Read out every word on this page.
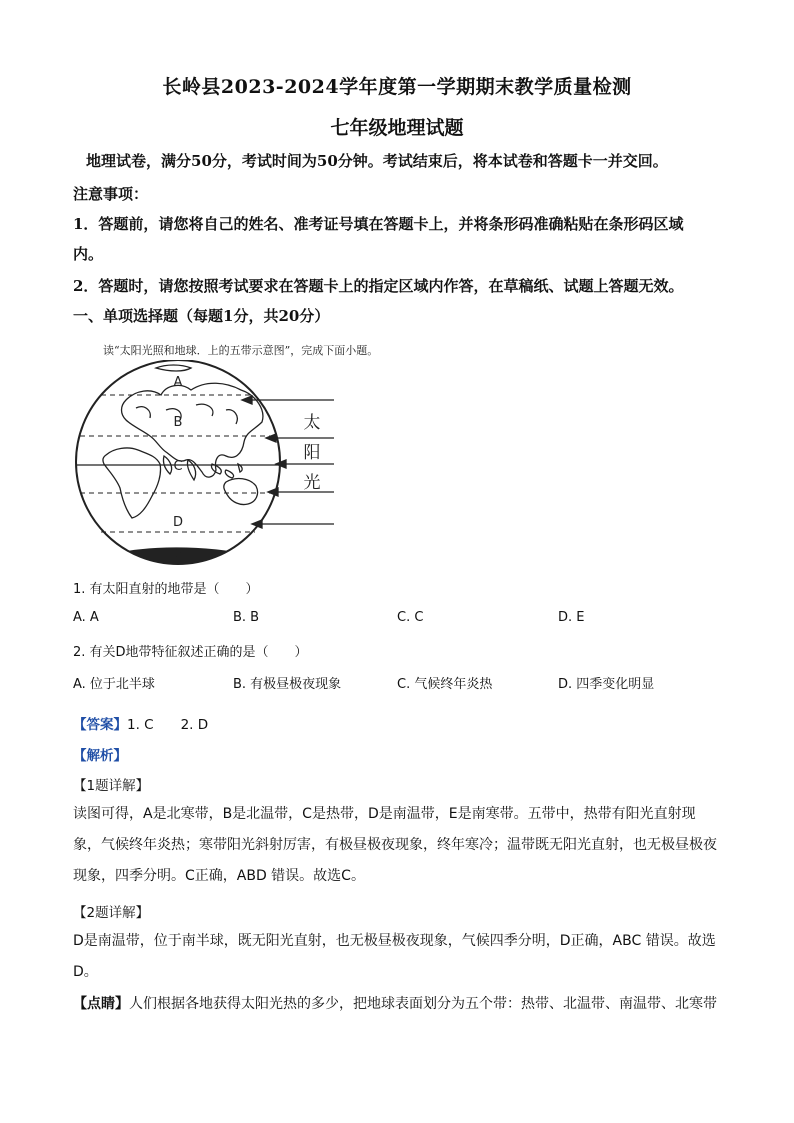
长岭县2023-2024学年度第一学期期末教学质量检测
七年级地理试题
地理试卷，满分50分，考试时间为50分钟。考试结束后，将本试卷和答题卡一并交回。
注意事项：
1．答题前，请您将自己的姓名、准考证号填在答题卡上，并将条形码准确粘贴在条形码区域
内。
2．答题时，请您按照考试要求在答题卡上的指定区域内作答，在草稿纸、试题上答题无效。
一、单项选择题（每题1分，共20分）
读“太阳光照和地球．上的五带示意图”，完成下面小题。
A
B
C
D
E
太
阳
光
1. 有太阳直射的地带是（　　）
A. A	B. B	C. C	D. E
2. 有关D地带特征叙述正确的是（　　）
A. 位于北半球	B. 有极昼极夜现象	C. 气候终年炎热	D. 四季变化明显
【答案】1. C　　2. D
【解析】
【1题详解】
读图可得，A是北寒带，B是北温带，C是热带，D是南温带，E是南寒带。五带中，热带有阳光直射现
象，气候终年炎热；寒带阳光斜射厉害，有极昼极夜现象，终年寒冷；温带既无阳光直射，也无极昼极夜
现象，四季分明。C正确，ABD 错误。故选C。
【2题详解】
D是南温带，位于南半球，既无阳光直射，也无极昼极夜现象，气候四季分明，D正确，ABC 错误。故选
D。
【点睛】人们根据各地获得太阳光热的多少，把地球表面划分为五个带：热带、北温带、南温带、北寒带
